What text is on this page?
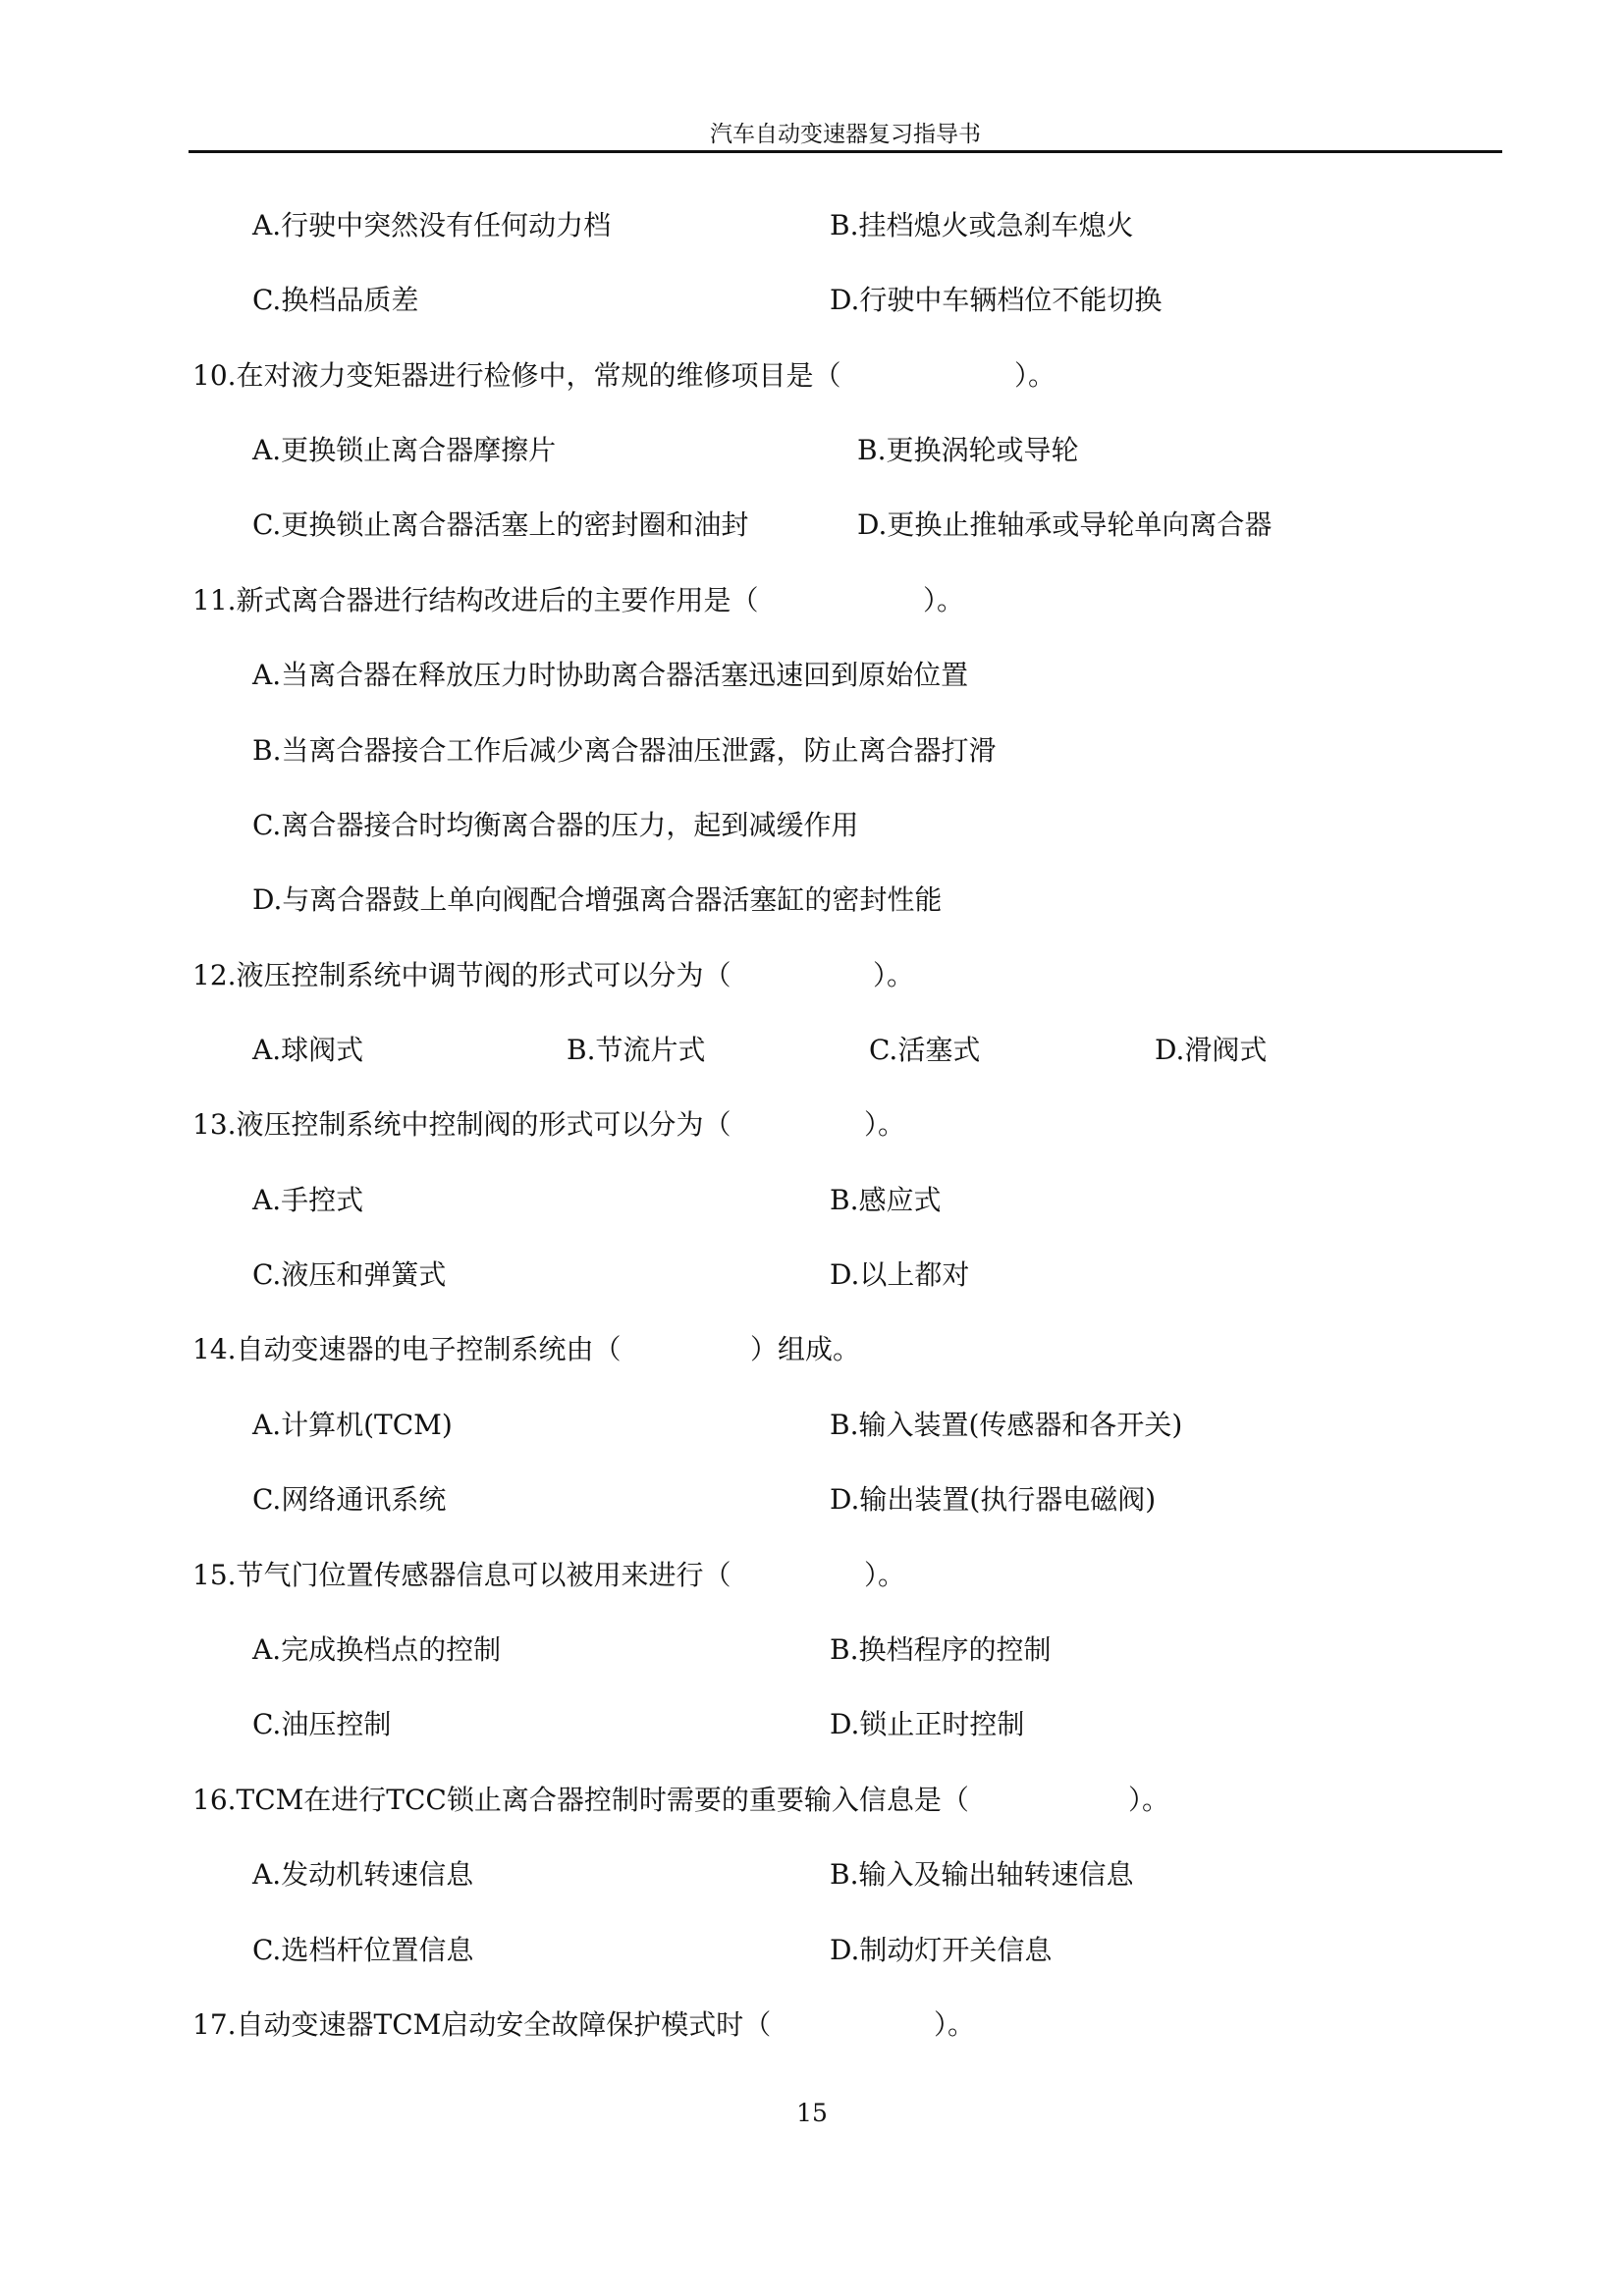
汽车自动变速器复习指导书
A.行驶中突然没有任何动力档	B.挂档熄火或急刹车熄火
C.换档品质差	D.行驶中车辆档位不能切换
10.在对液力变矩器进行检修中，常规的维修项目是（	）。
A.更换锁止离合器摩擦片	B.更换涡轮或导轮
C.更换锁止离合器活塞上的密封圈和油封	D.更换止推轴承或导轮单向离合器
11.新式离合器进行结构改进后的主要作用是（	）。
A.当离合器在释放压力时协助离合器活塞迅速回到原始位置
B.当离合器接合工作后减少离合器油压泄露，防止离合器打滑
C.离合器接合时均衡离合器的压力，起到减缓作用
D.与离合器鼓上单向阀配合增强离合器活塞缸的密封性能
12.液压控制系统中调节阀的形式可以分为（	）。
A.球阀式	B.节流片式	C.活塞式	D.滑阀式
13.液压控制系统中控制阀的形式可以分为（	）。
A.手控式	B.感应式
C.液压和弹簧式	D.以上都对
14.自动变速器的电子控制系统由（	）组成。
A.计算机(TCM)	B.输入装置(传感器和各开关)
C.网络通讯系统	D.输出装置(执行器电磁阀)
15.节气门位置传感器信息可以被用来进行（	）。
A.完成换档点的控制	B.换档程序的控制
C.油压控制	D.锁止正时控制
16.TCM在进行TCC锁止离合器控制时需要的重要输入信息是（	）。
A.发动机转速信息	B.输入及输出轴转速信息
C.选档杆位置信息	D.制动灯开关信息
17.自动变速器TCM启动安全故障保护模式时（	）。
15
